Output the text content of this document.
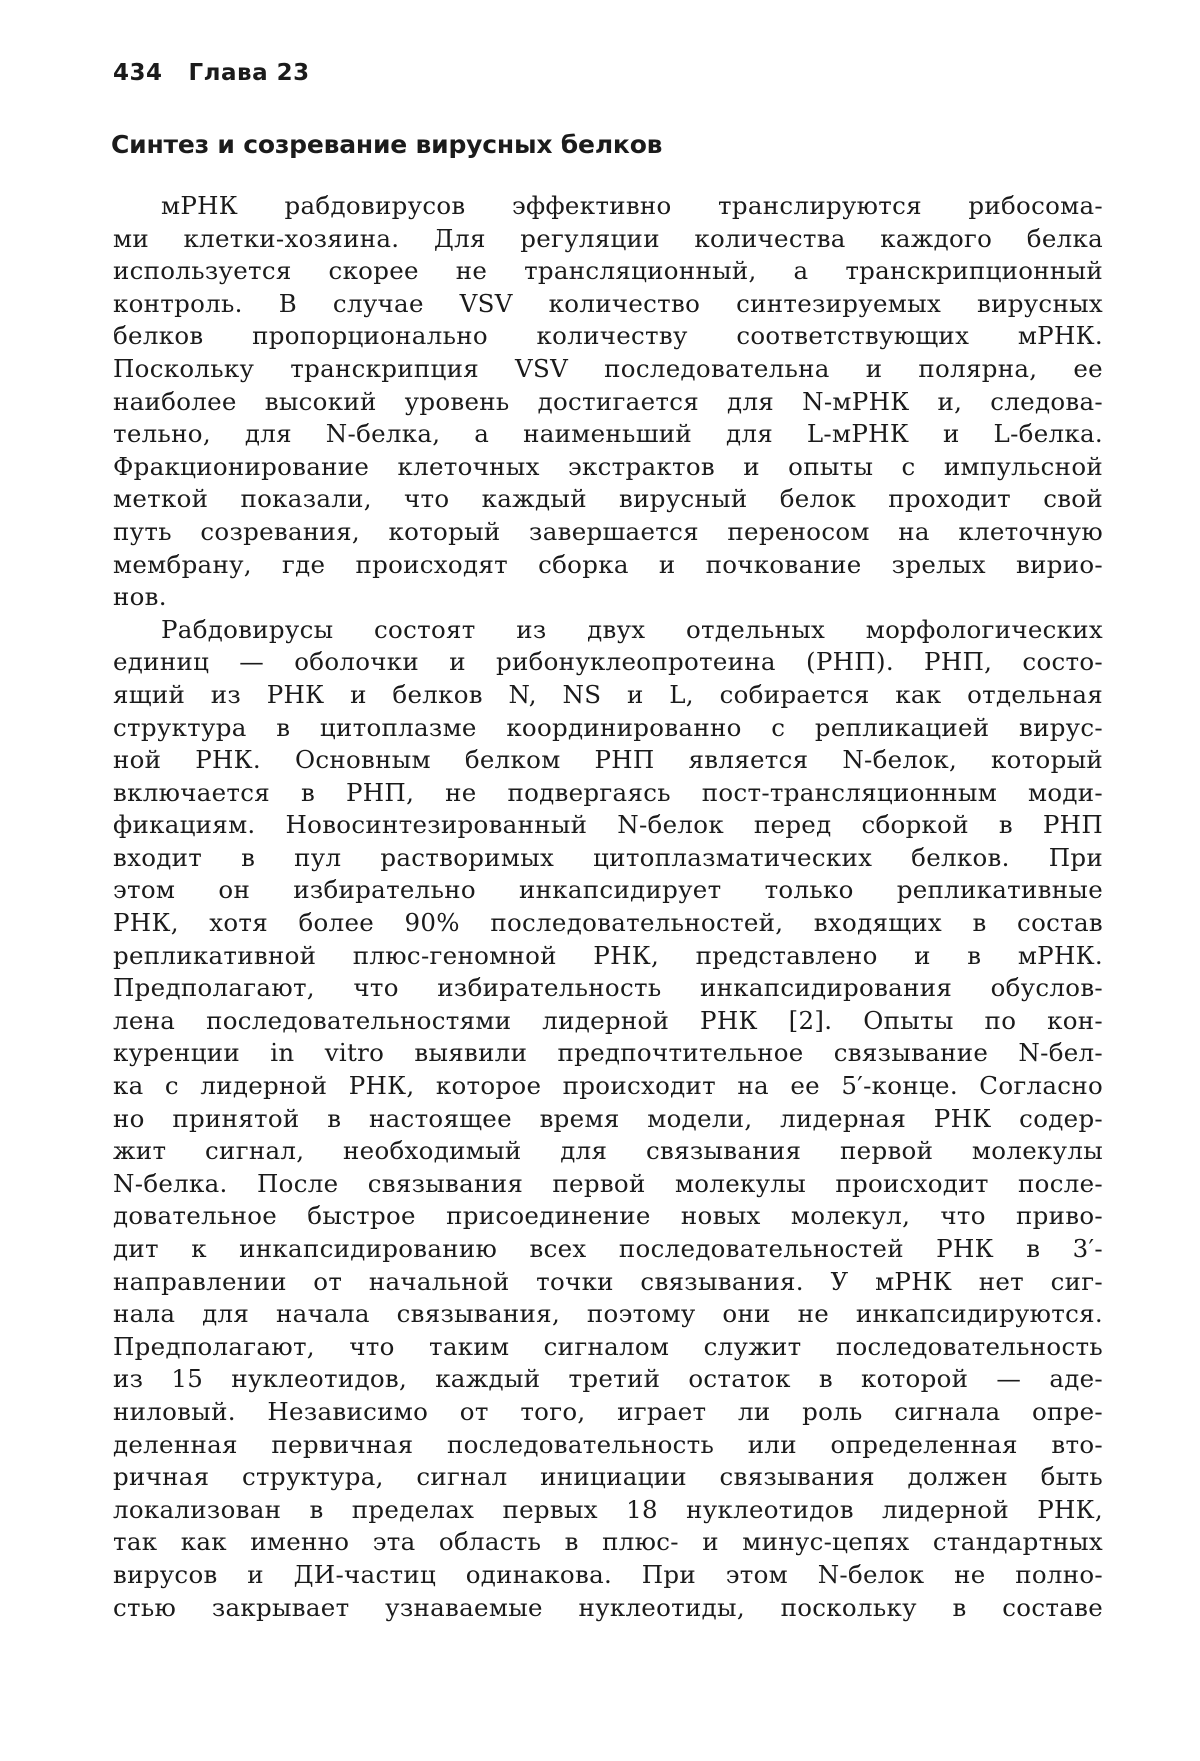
434 Глава 23
Синтез и созревание вирусных белков
мРНК рабдовирусов эффективно транслируются рибосома-
ми клетки-хозяина. Для регуляции количества каждого белка
используется скорее не трансляционный, а транскрипционный
контроль. В случае VSV количество синтезируемых вирусных
белков пропорционально количеству соответствующих мРНК.
Поскольку транскрипция VSV последовательна и полярна, ее
наиболее высокий уровень достигается для N-мРНК и, следова-
тельно, для N-белка, а наименьший для L-мРНК и L-белка.
Фракционирование клеточных экстрактов и опыты с импульсной
меткой показали, что каждый вирусный белок проходит свой
путь созревания, который завершается переносом на клеточную
мембрану, где происходят сборка и почкование зрелых вирио-
нов.
Рабдовирусы состоят из двух отдельных морфологических
единиц — оболочки и рибонуклеопротеина (РНП). РНП, состо-
ящий из РНК и белков N, NS и L, собирается как отдельная
структура в цитоплазме координированно с репликацией вирус-
ной РНК. Основным белком РНП является N-белок, который
включается в РНП, не подвергаясь пост-трансляционным моди-
фикациям. Новосинтезированный N-белок перед сборкой в РНП
входит в пул растворимых цитоплазматических белков. При
этом он избирательно инкапсидирует только репликативные
РНК, хотя более 90% последовательностей, входящих в состав
репликативной плюс-геномной РНК, представлено и в мРНК.
Предполагают, что избирательность инкапсидирования обуслов-
лена последовательностями лидерной РНК [2]. Опыты по кон-
куренции in vitro выявили предпочтительное связывание N-бел-
ка с лидерной РНК, которое происходит на ее 5′-конце. Согласно
но принятой в настоящее время модели, лидерная РНК содер-
жит сигнал, необходимый для связывания первой молекулы
N-белка. После связывания первой молекулы происходит после-
довательное быстрое присоединение новых молекул, что приво-
дит к инкапсидированию всех последовательностей РНК в 3′-
направлении от начальной точки связывания. У мРНК нет сиг-
нала для начала связывания, поэтому они не инкапсидируются.
Предполагают, что таким сигналом служит последовательность
из 15 нуклеотидов, каждый третий остаток в которой — аде-
ниловый. Независимо от того, играет ли роль сигнала опре-
деленная первичная последовательность или определенная вто-
ричная структура, сигнал инициации связывания должен быть
локализован в пределах первых 18 нуклеотидов лидерной РНК,
так как именно эта область в плюс- и минус-цепях стандартных
вирусов и ДИ-частиц одинакова. При этом N-белок не полно-
стью закрывает узнаваемые нуклеотиды, поскольку в составе
